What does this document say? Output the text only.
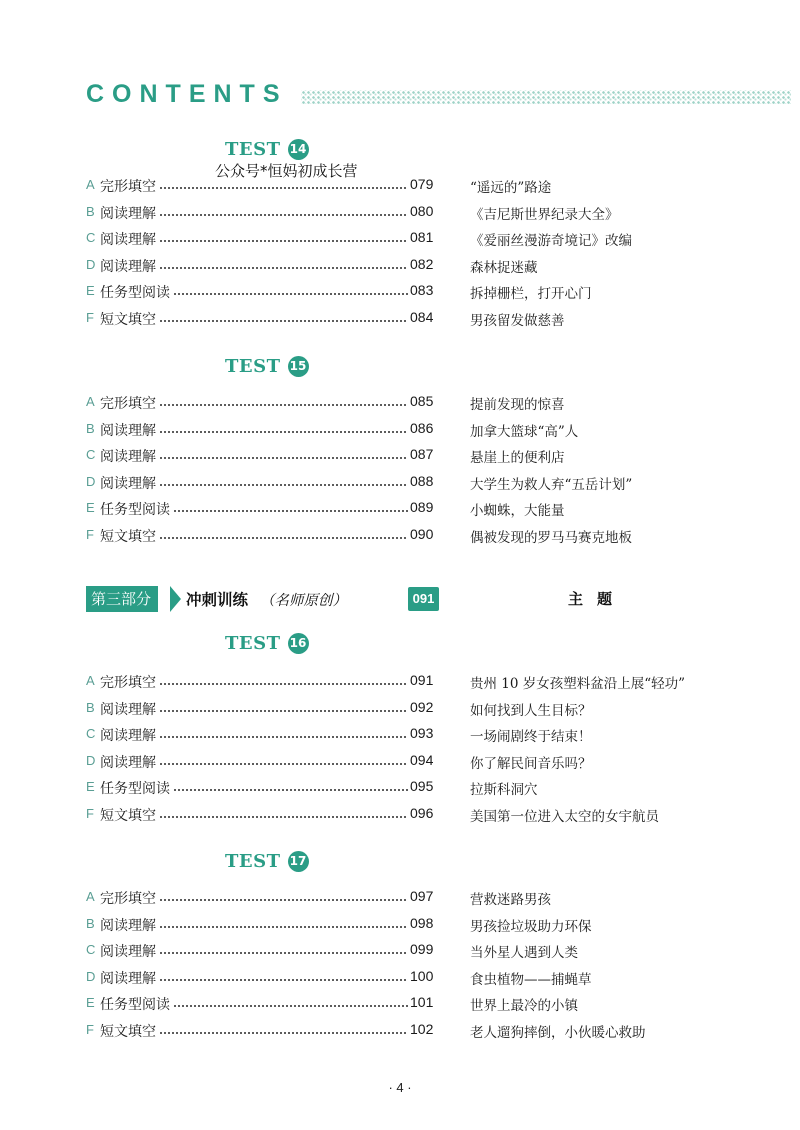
CONTENTS
公众号*恒妈初成长营
TEST 14
A 完形填空	079	“遥远的”路途
B 阅读理解	080	《吉尼斯世界纪录大全》
C 阅读理解	081	《爱丽丝漫游奇境记》改编
D 阅读理解	082	森林捉迷藏
E 任务型阅读	083	拆掉栅栏，打开心门
F 短文填空	084	男孩留发做慈善
TEST 15
A 完形填空	085	提前发现的惊喜
B 阅读理解	086	加拿大篮球“高”人
C 阅读理解	087	悬崖上的便利店
D 阅读理解	088	大学生为救人弃“五岳计划”
E 任务型阅读	089	小蜘蛛，大能量
F 短文填空	090	偶被发现的罗马马赛克地板
第三部分	冲刺训练 （名师原创）	091	主题
TEST 16
A 完形填空	091	贵州 10 岁女孩塑料盆沿上展“轻功”
B 阅读理解	092	如何找到人生目标？
C 阅读理解	093	一场闹剧终于结束！
D 阅读理解	094	你了解民间音乐吗？
E 任务型阅读	095	拉斯科洞穴
F 短文填空	096	美国第一位进入太空的女宇航员
TEST 17
A 完形填空	097	营救迷路男孩
B 阅读理解	098	男孩捡垃圾助力环保
C 阅读理解	099	当外星人遇到人类
D 阅读理解	100	食虫植物——捕蝇草
E 任务型阅读	101	世界上最冷的小镇
F 短文填空	102	老人遛狗摔倒，小伙暖心救助
· 4 ·
